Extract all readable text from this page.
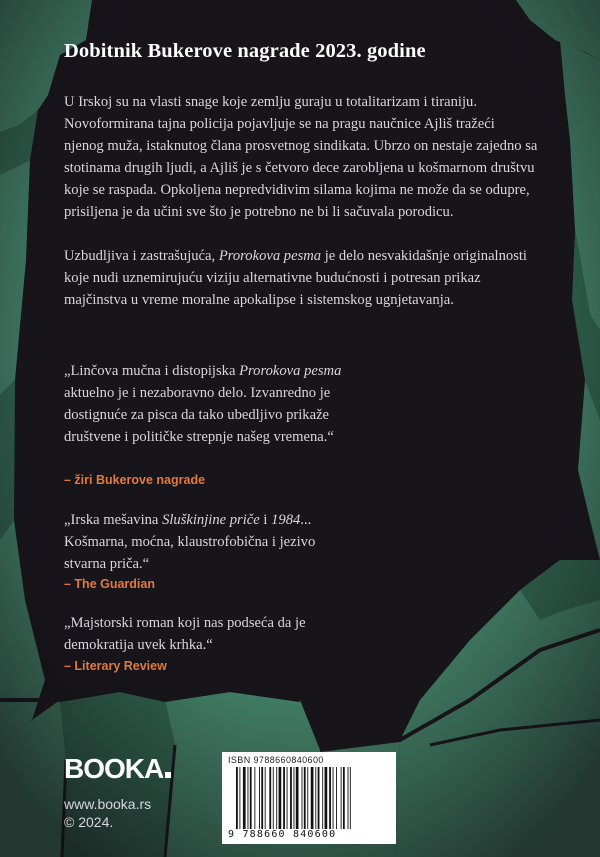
Dobitnik Bukerove nagrade 2023. godine

U Irskoj su na vlasti snage koje zemlju guraju u totalitarizam i tiraniju. Novoformirana tajna policija pojavljuje se na pragu naučnice Ajliš tražeći njenog muža, istaknutog člana prosvetnog sindikata. Ubrzo on nestaje zajedno sa stotinama drugih ljudi, a Ajliš je s četvoro dece zarobljena u košmarnom društvu koje se raspada. Opkoljena nepredvidivim silama kojima ne može da se odupre, prisiljena je da učini sve što je potrebno ne bi li sačuvala porodicu.

Uzbudljiva i zastrašujuća, Prorokova pesma je delo nesvakidašnje originalnosti koje nudi uznemirujuću viziju alternativne budućnosti i potresan prikaz majčinstva u vreme moralne apokalipse i sistemskog ugnjetavanja.

„Linčova mučna i distopijska Prorokova pesma aktuelno je i nezaboravno delo. Izvanredno je dostignuće za pisca da tako ubedljivo prikaže društvene i političke strepnje našeg vremena.“

– žiri Bukerove nagrade

„Irska mešavina Sluškinjine priče i 1984... Košmarna, moćna, klaustrofobična i jezivo stvarna priča.“

– The Guardian

„Majstorski roman koji nas podseća da je demokratija uvek krhka.“

– Literary Review
BOOKA
www.booka.rs
© 2024.
ISBN 9788660840600
9 788660 840600
